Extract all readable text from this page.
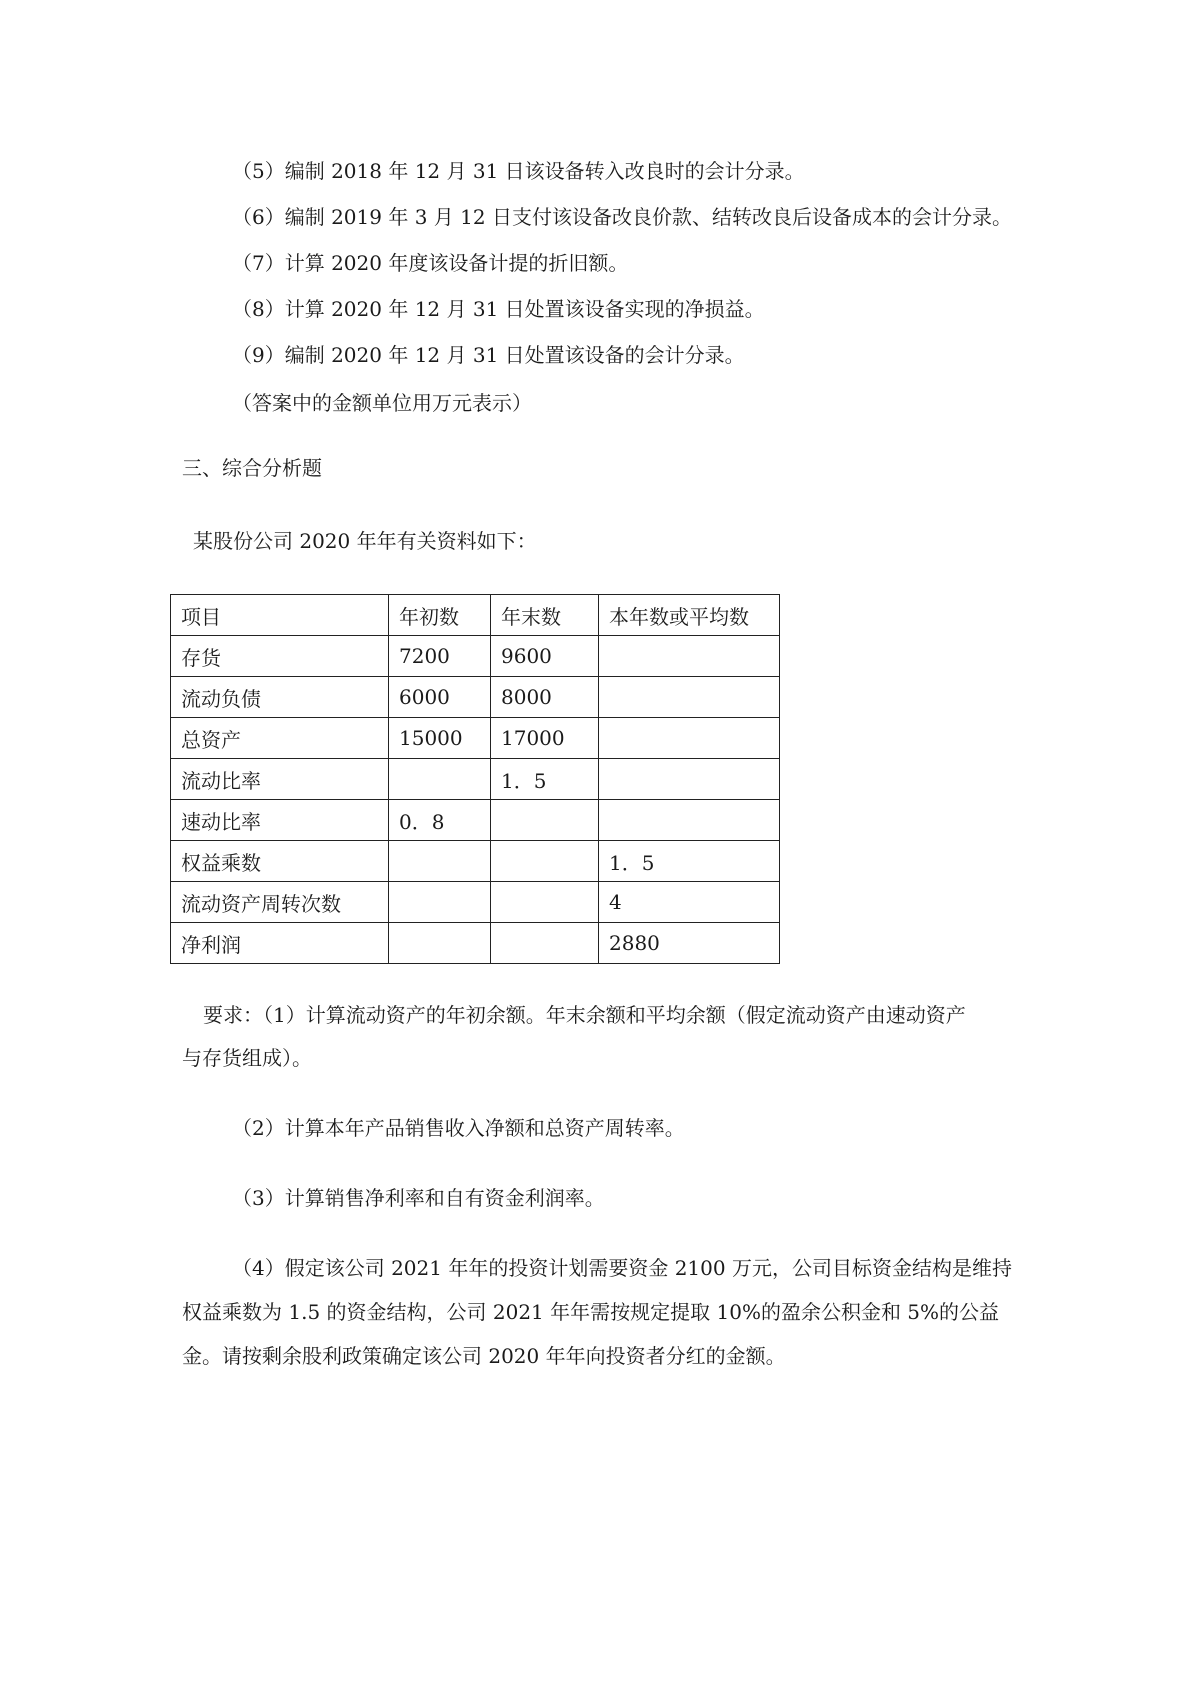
（5）编制 2018 年 12 月 31 日该设备转入改良时的会计分录。
（6）编制 2019 年 3 月 12 日支付该设备改良价款、结转改良后设备成本的会计分录。
（7）计算 2020 年度该设备计提的折旧额。
（8）计算 2020 年 12 月 31 日处置该设备实现的净损益。
（9）编制 2020 年 12 月 31 日处置该设备的会计分录。
（答案中的金额单位用万元表示）
三、综合分析题
某股份公司 2020 年年有关资料如下：
项目	年初数	年末数	本年数或平均数
存货	7200	9600	
流动负债	6000	8000	
总资产	15000	17000	
流动比率		1．5	
速动比率	0．8		
权益乘数			1．5
流动资产周转次数			4
净利润			2880
要求：（1）计算流动资产的年初余额。年末余额和平均余额（假定流动资产由速动资产
与存货组成）。
（2）计算本年产品销售收入净额和总资产周转率。
（3）计算销售净利率和自有资金利润率。
（4）假定该公司 2021 年年的投资计划需要资金 2100 万元，公司目标资金结构是维持
权益乘数为 1.5 的资金结构，公司 2021 年年需按规定提取 10%的盈余公积金和 5%的公益
金。请按剩余股利政策确定该公司 2020 年年向投资者分红的金额。
